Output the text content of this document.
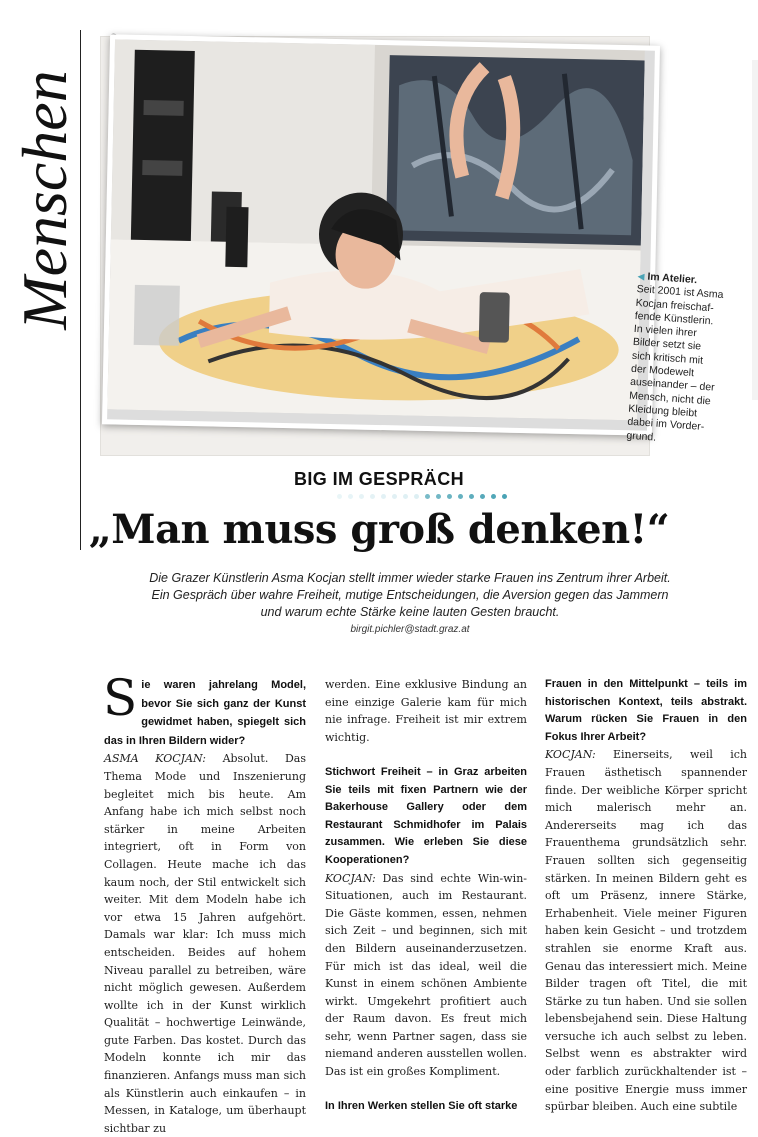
Menschen	◀ Im Atelier.
Seit 2001 ist Asma
Kocjan freischaf-
fende Künstlerin.
In vielen ihrer
Bilder setzt sie
sich kritisch mit
der Modewelt
auseinander – der
Mensch, nicht die
Kleidung bleibt
dabei im Vorder-
grund.
BIG IM GESPRÄCH
„Man muss groß denken!“
Die Grazer Künstlerin Asma Kocjan stellt immer wieder starke Frauen ins Zentrum ihrer Arbeit.
Ein Gespräch über wahre Freiheit, mutige Entscheidungen, die Aversion gegen das Jammern
und warum echte Stärke keine lauten Gesten braucht.
birgit.pichler@stadt.graz.at

Sie waren jahrelang Model, bevor Sie sich ganz der Kunst gewidmet haben, spiegelt sich das in Ihren Bildern wider?

ASMA KOCJAN: Absolut. Das Thema Mode und Inszenierung begleitet mich bis heute. Am Anfang habe ich mich selbst noch stärker in meine Arbeiten integriert, oft in Form von Collagen. Heute mache ich das kaum noch, der Stil entwickelt sich weiter. Mit dem Modeln habe ich vor etwa 15 Jahren aufgehört. Damals war klar: Ich muss mich entscheiden. Beides auf hohem Niveau parallel zu betreiben, wäre nicht möglich gewesen. Außerdem wollte ich in der Kunst wirklich Qualität – hochwertige Leinwände, gute Farben. Das kostet. Durch das Modeln konnte ich mir das finanzieren. Anfangs muss man sich als Künstlerin auch einkaufen – in Messen, in Kataloge, um überhaupt sichtbar zu

werden. Eine exklusive Bindung an eine einzige Galerie kam für mich nie infrage. Freiheit ist mir extrem wichtig.

Stichwort Freiheit – in Graz arbeiten Sie teils mit fixen Partnern wie der Bakerhouse Gallery oder dem Restaurant Schmidhofer im Palais zusammen. Wie erleben Sie diese Kooperationen?

KOCJAN: Das sind echte Win-win-Situationen, auch im Restaurant. Die Gäste kommen, essen, nehmen sich Zeit – und beginnen, sich mit den Bildern auseinanderzusetzen. Für mich ist das ideal, weil die Kunst in einem schönen Ambiente wirkt. Umgekehrt profitiert auch der Raum davon. Es freut mich sehr, wenn Partner sagen, dass sie niemand anderen ausstellen wollen. Das ist ein großes Kompliment.

In Ihren Werken stellen Sie oft starke

Frauen in den Mittelpunkt – teils im historischen Kontext, teils abstrakt. Warum rücken Sie Frauen in den Fokus Ihrer Arbeit?

KOCJAN: Einerseits, weil ich Frauen ästhetisch spannender finde. Der weibliche Körper spricht mich malerisch mehr an. Andererseits mag ich das Frauenthema grundsätzlich sehr. Frauen sollten sich gegenseitig stärken. In meinen Bildern geht es oft um Präsenz, innere Stärke, Erhabenheit. Viele meiner Figuren haben kein Gesicht – und trotzdem strahlen sie enorme Kraft aus. Genau das interessiert mich. Meine Bilder tragen oft Titel, die mit Stärke zu tun haben. Und sie sollen lebensbejahend sein. Diese Haltung versuche ich auch selbst zu leben. Selbst wenn es abstrakter wird oder farblich zurückhaltender ist – eine positive Energie muss immer spürbar bleiben. Auch eine subtile
